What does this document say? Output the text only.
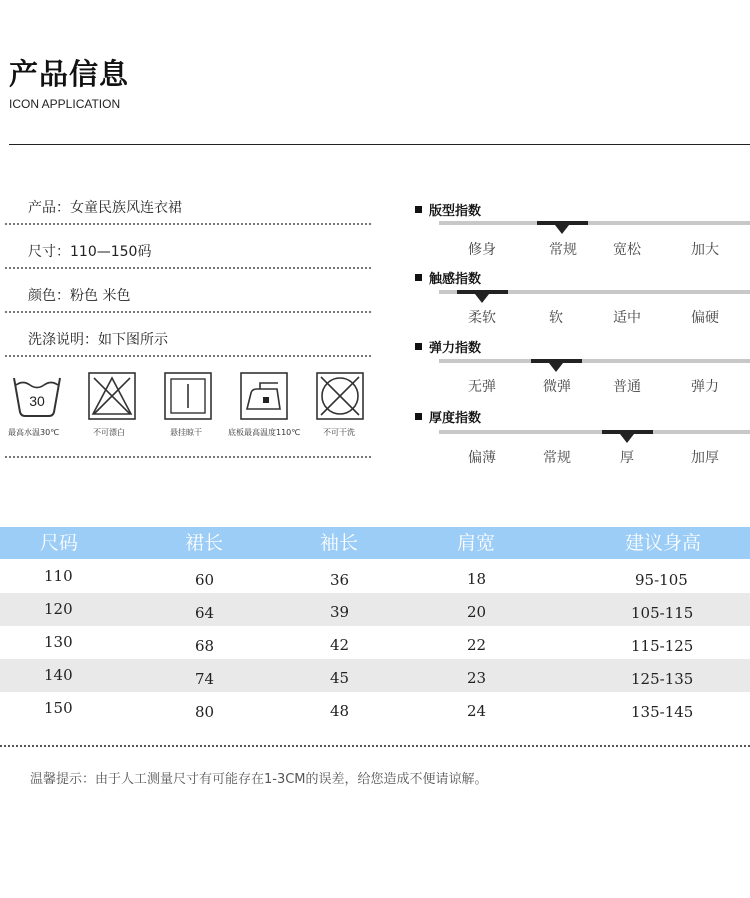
产品信息
ICON APPLICATION
产品：女童民族风连衣裙
尺寸：110—150码
颜色：粉色 米色
洗涤说明：如下图所示
30
最高水温30℃	不可漂白	悬挂晾干	底板最高温度110℃	不可干洗
版型指数
修身	常规	宽松	加大
触感指数
柔软	软	适中	偏硬
弹力指数
无弹	微弹	普通	弹力
厚度指数
偏薄	常规	厚	加厚
尺码	裙长	袖长	肩宽	建议身高
110	60	36	18	95-105
120	64	39	20	105-115
130	68	42	22	115-125
140	74	45	23	125-135
150	80	48	24	135-145
温馨提示：由于人工测量尺寸有可能存在1-3CM的误差，给您造成不便请谅解。
